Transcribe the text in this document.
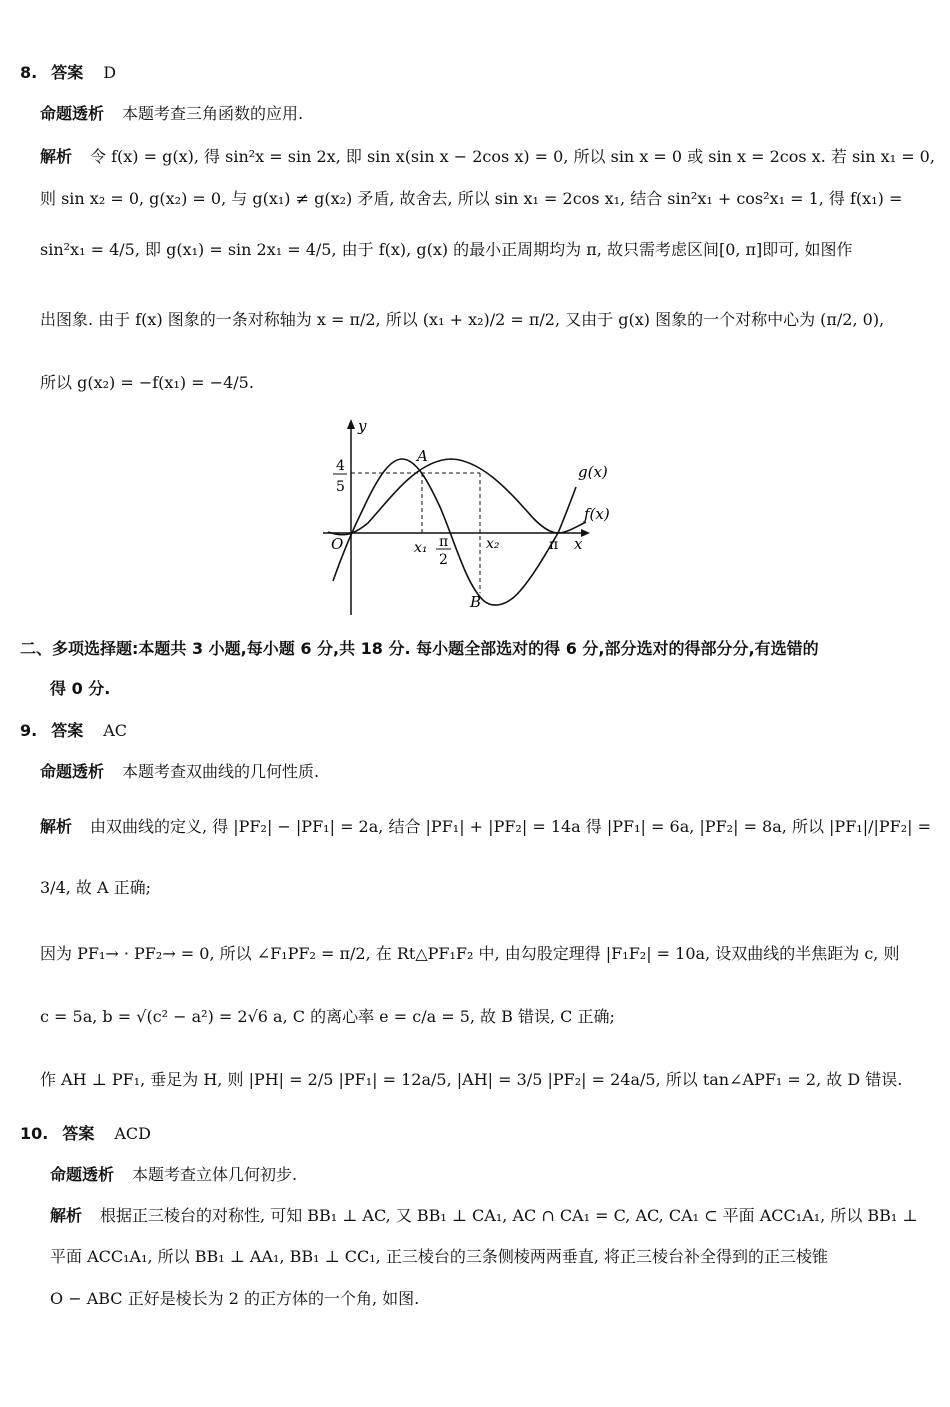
8. 答案 D
命题透析 本题考查三角函数的应用.
解析 令 f(x) = g(x), 得 sin²x = sin 2x, 即 sin x(sin x − 2cos x) = 0, 所以 sin x = 0 或 sin x = 2cos x. 若 sin x₁ = 0,
则 sin x₂ = 0, g(x₂) = 0, 与 g(x₁) ≠ g(x₂) 矛盾, 故舍去, 所以 sin x₁ = 2cos x₁, 结合 sin²x₁ + cos²x₁ = 1, 得 f(x₁) =
sin²x₁ = 4/5, 即 g(x₁) = sin 2x₁ = 4/5, 由于 f(x), g(x) 的最小正周期均为 π, 故只需考虑区间[0, π]即可, 如图作
出图象. 由于 f(x) 图象的一条对称轴为 x = π/2, 所以 (x₁ + x₂)/2 = π/2, 又由于 g(x) 图象的一个对称中心为 (π/2, 0),
所以 g(x₂) = −f(x₁) = −4/5.
y
x
O
4
5
A
B
x₁ π
2
x₂	π
g(x)
f(x)
二、多项选择题:本题共 3 小题,每小题 6 分,共 18 分. 每小题全部选对的得 6 分,部分选对的得部分分,有选错的
得 0 分.
9. 答案 AC
命题透析 本题考查双曲线的几何性质.
解析 由双曲线的定义, 得 |PF₂| − |PF₁| = 2a, 结合 |PF₁| + |PF₂| = 14a 得 |PF₁| = 6a, |PF₂| = 8a, 所以 |PF₁|/|PF₂| =
3/4, 故 A 正确;
因为 PF₁→ · PF₂→ = 0, 所以 ∠F₁PF₂ = π/2, 在 Rt△PF₁F₂ 中, 由勾股定理得 |F₁F₂| = 10a, 设双曲线的半焦距为 c, 则
c = 5a, b = √(c² − a²) = 2√6 a, C 的离心率 e = c/a = 5, 故 B 错误, C 正确;
作 AH ⊥ PF₁, 垂足为 H, 则 |PH| = 2/5 |PF₁| = 12a/5, |AH| = 3/5 |PF₂| = 24a/5, 所以 tan∠APF₁ = 2, 故 D 错误.
10. 答案 ACD
命题透析 本题考查立体几何初步.
解析 根据正三棱台的对称性, 可知 BB₁ ⊥ AC, 又 BB₁ ⊥ CA₁, AC ∩ CA₁ = C, AC, CA₁ ⊂ 平面 ACC₁A₁, 所以 BB₁ ⊥
平面 ACC₁A₁, 所以 BB₁ ⊥ AA₁, BB₁ ⊥ CC₁, 正三棱台的三条侧棱两两垂直, 将正三棱台补全得到的正三棱锥
O − ABC 正好是棱长为 2 的正方体的一个角, 如图.
